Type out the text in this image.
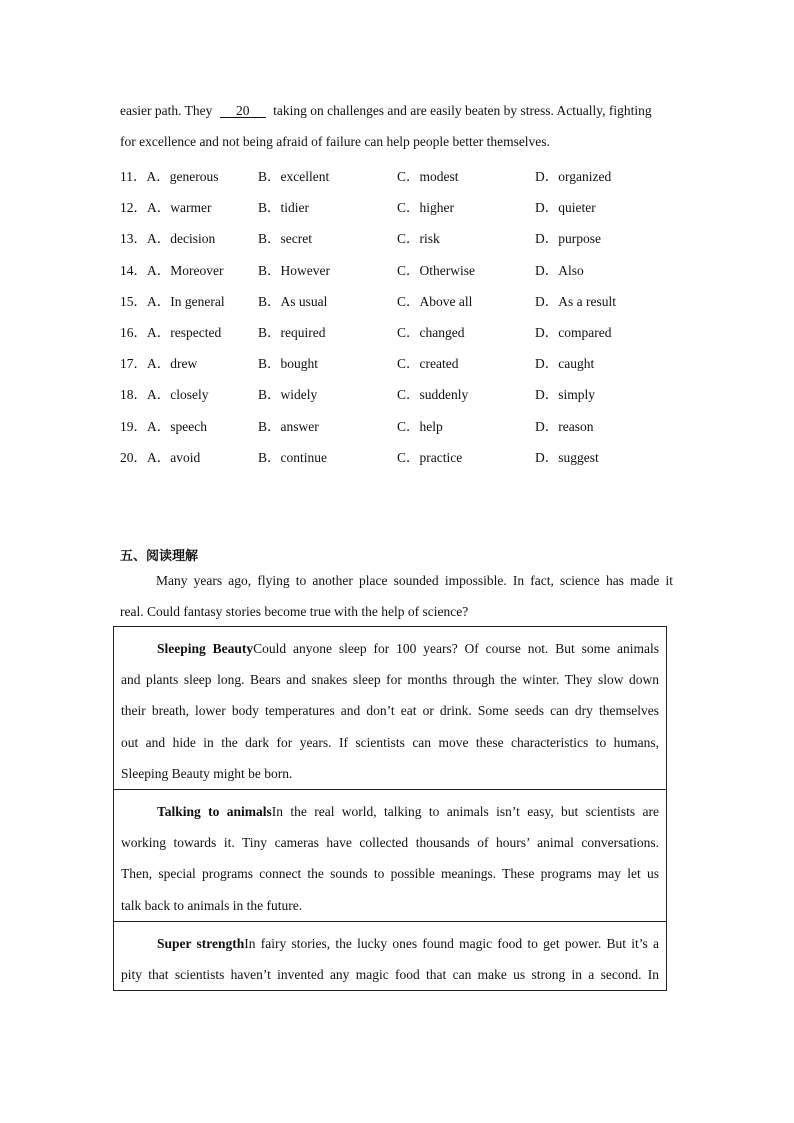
easier path. They 20 taking on challenges and are easily beaten by stress. Actually, fighting
for excellence and not being afraid of failure can help people better themselves.
11．A．generous	B．excellent	C．modest	D．organized
12．A．warmer	B．tidier	C．higher	D．quieter
13．A．decision	B．secret	C．risk	D．purpose
14．A．Moreover	B．However	C．Otherwise	D．Also
15．A．In general B．As usual	C．Above all	D．As a result
16．A．respected	B．required	C．changed	D．compared
17．A．drew	B．bought	C．created	D．caught
18．A．closely	B．widely	C．suddenly	D．simply
19．A．speech	B．answer	C．help	D．reason
20．A．avoid	B．continue	C．practice	D．suggest
五、阅读理解
Many years ago, flying to another place sounded impossible. In fact, science has made it
real. Could fantasy stories become true with the help of science?
Sleeping BeautyCould anyone sleep for 100 years? Of course not. But some animals
and plants sleep long. Bears and snakes sleep for months through the winter. They slow down
their breath, lower body temperatures and don’t eat or drink. Some seeds can dry themselves
out and hide in the dark for years. If scientists can move these characteristics to humans,
Sleeping Beauty might be born.
Talking to animalsIn the real world, talking to animals isn’t easy, but scientists are
working towards it. Tiny cameras have collected thousands of hours’ animal conversations.
Then, special programs connect the sounds to possible meanings. These programs may let us
talk back to animals in the future.
Super strengthIn fairy stories, the lucky ones found magic food to get power. But it’s a
pity that scientists haven’t invented any magic food that can make us strong in a second. In
